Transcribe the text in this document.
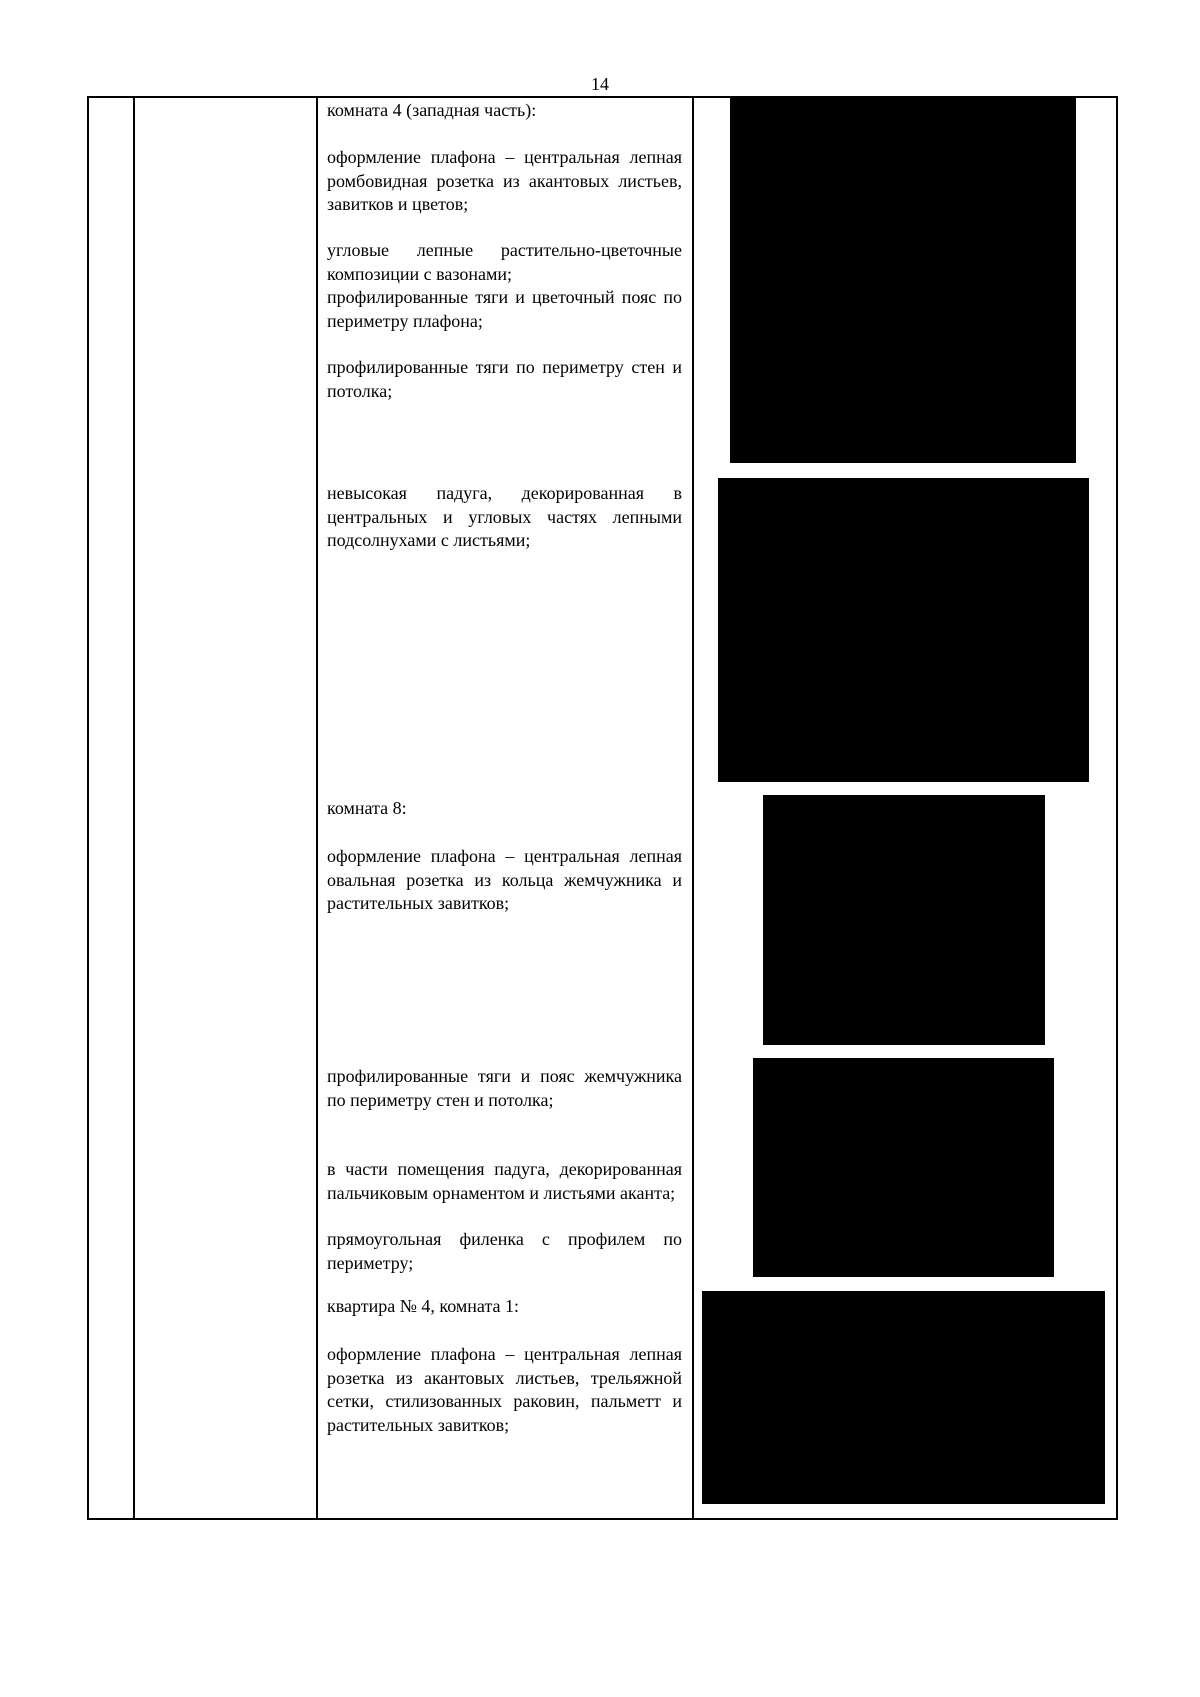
14

комната 4 (западная часть):

оформление плафона – центральная лепная ромбовидная розетка из акантовых листьев, завитков и цветов;

угловые лепные растительно-цветочные композиции с вазонами;

профилированные тяги и цветочный пояс по периметру плафона;

профилированные тяги по периметру стен и потолка;

невысокая падуга, декорированная в центральных и угловых частях лепными подсолнухами с листьями;

комната 8:

оформление плафона – центральная лепная овальная розетка из кольца жемчужника и растительных завитков;

профилированные тяги и пояс жемчужника по периметру стен и потолка;

в части помещения падуга, декорированная пальчиковым орнаментом и листьями аканта;

прямоугольная филенка с профилем по периметру;

квартира № 4, комната 1:

оформление плафона – центральная лепная розетка из акантовых листьев, трельяжной сетки, стилизованных раковин, пальметт и растительных завитков;
